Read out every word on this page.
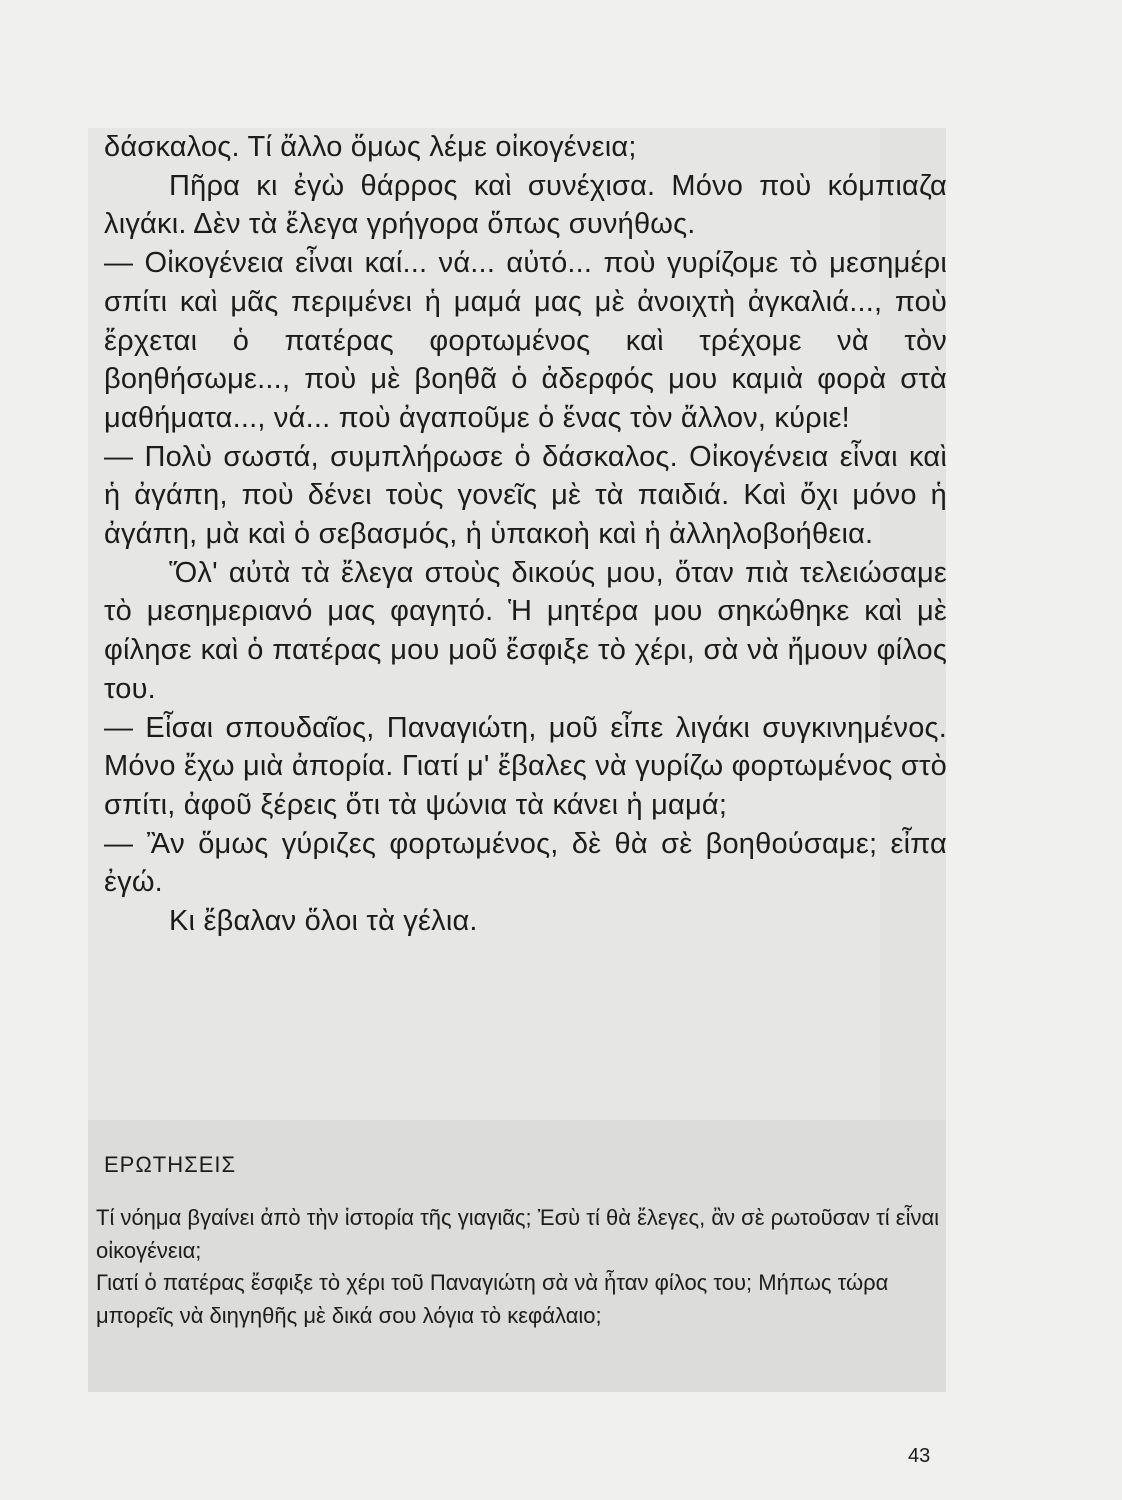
δάσκαλος. Τί ἄλλο ὅμως λέμε οἰκογένεια;

Πῆρα κι ἐγὼ θάρρος καὶ συνέχισα. Μόνο ποὺ κόμπιαζα λιγάκι. Δὲν τὰ ἔλεγα γρήγορα ὅπως συνήθως.

— Οἰκογένεια εἶναι καί... νά... αὐτό... ποὺ γυρίζομε τὸ μεσημέρι σπίτι καὶ μᾶς περιμένει ἡ μαμά μας μὲ ἀνοιχτὴ ἀγκαλιά..., ποὺ ἔρχεται ὁ πατέρας φορτωμένος καὶ τρέχομε νὰ τὸν βοηθήσωμε..., ποὺ μὲ βοηθᾶ ὁ ἀδερφός μου καμιὰ φορὰ στὰ μαθήματα..., νά... ποὺ ἀγαποῦμε ὁ ἕνας τὸν ἄλλον, κύριε!

— Πολὺ σωστά, συμπλήρωσε ὁ δάσκαλος. Οἰκογένεια εἶναι καὶ ἡ ἀγάπη, ποὺ δένει τοὺς γονεῖς μὲ τὰ παιδιά. Καὶ ὄχι μόνο ἡ ἀγάπη, μὰ καὶ ὁ σεβασμός, ἡ ὑπακοὴ καὶ ἡ ἀλληλοβοήθεια.

Ὅλ' αὐτὰ τὰ ἔλεγα στοὺς δικούς μου, ὅταν πιὰ τελειώσαμε τὸ μεσημεριανό μας φαγητό. Ἡ μητέρα μου σηκώθηκε καὶ μὲ φίλησε καὶ ὁ πατέρας μου μοῦ ἔσφιξε τὸ χέρι, σὰ νὰ ἤμουν φίλος του.

— Εἶσαι σπουδαῖος, Παναγιώτη, μοῦ εἶπε λιγάκι συγκινημένος. Μόνο ἔχω μιὰ ἀπορία. Γιατί μ' ἔβαλες νὰ γυρίζω φορτωμένος στὸ σπίτι, ἀφοῦ ξέρεις ὅτι τὰ ψώνια τὰ κάνει ἡ μαμά;

— Ἂν ὅμως γύριζες φορτωμένος, δὲ θὰ σὲ βοηθούσαμε; εἶπα ἐγώ.

Κι ἔβαλαν ὅλοι τὰ γέλια.

ΕΡΩΤΗΣΕΙΣ

Τί νόημα βγαίνει ἀπὸ τὴν ἱστορία τῆς γιαγιᾶς; Ἐσὺ τί θὰ ἔλεγες, ἂν σὲ ρωτοῦσαν τί εἶναι οἰκογένεια;

Γιατί ὁ πατέρας ἔσφιξε τὸ χέρι τοῦ Παναγιώτη σὰ νὰ ἦταν φίλος του; Μήπως τώρα μπορεῖς νὰ διηγηθῆς μὲ δικά σου λόγια τὸ κεφάλαιο;

43
